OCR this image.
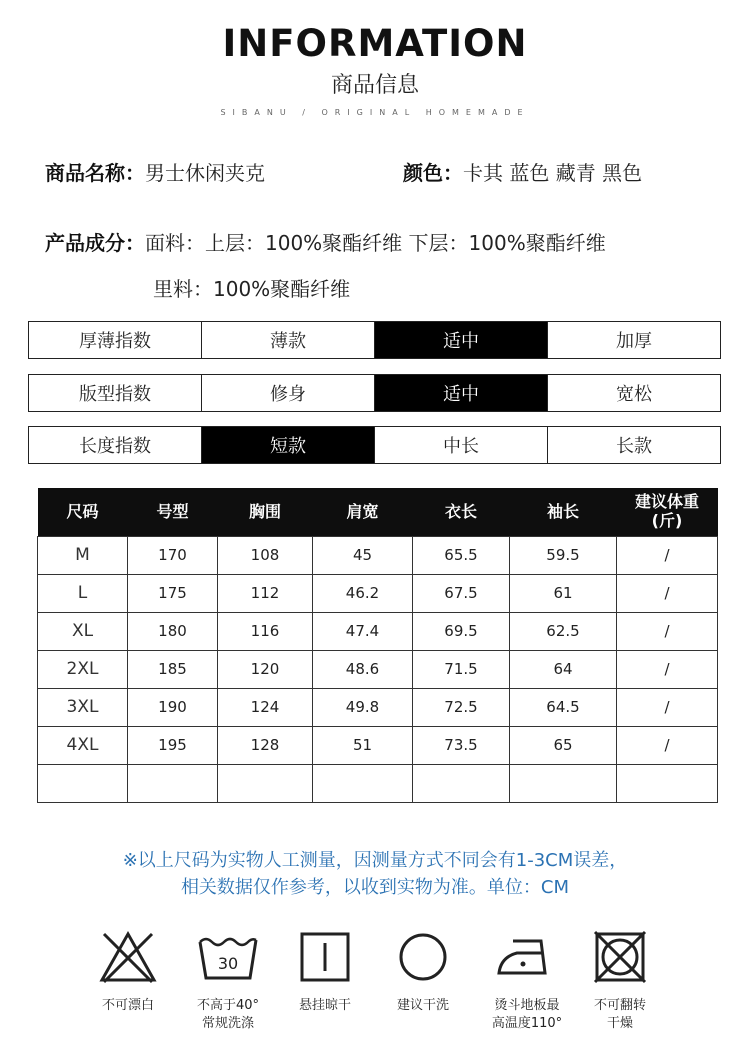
INFORMATION
商品信息
SIBANU / ORIGINAL HOMEMADE
商品名称：男士休闲夹克	颜色：卡其 蓝色 藏青 黑色
产品成分：面料：上层：100%聚酯纤维 下层：100%聚酯纤维
里料：100%聚酯纤维
厚薄指数	薄款	适中	加厚
版型指数	修身	适中	宽松
长度指数	短款	中长	长款
尺码	号型	胸围	肩宽	衣长	袖长	建议体重
(斤)
M	170	108	45	65.5	59.5	/
L	175	112	46.2	67.5	61	/
XL	180	116	47.4	69.5	62.5	/
2XL	185	120	48.6	71.5	64	/
3XL	190	124	49.8	72.5	64.5	/
4XL	195	128	51	73.5	65	/

※以上尺码为实物人工测量，因测量方式不同会有1-3CM误差，
相关数据仅作参考，以收到实物为准。单位：CM
不可漂白
30
不高于40°
常规洗涤
悬挂晾干	建议干洗	烫斗地板最
高温度110°
不可翻转
干燥
